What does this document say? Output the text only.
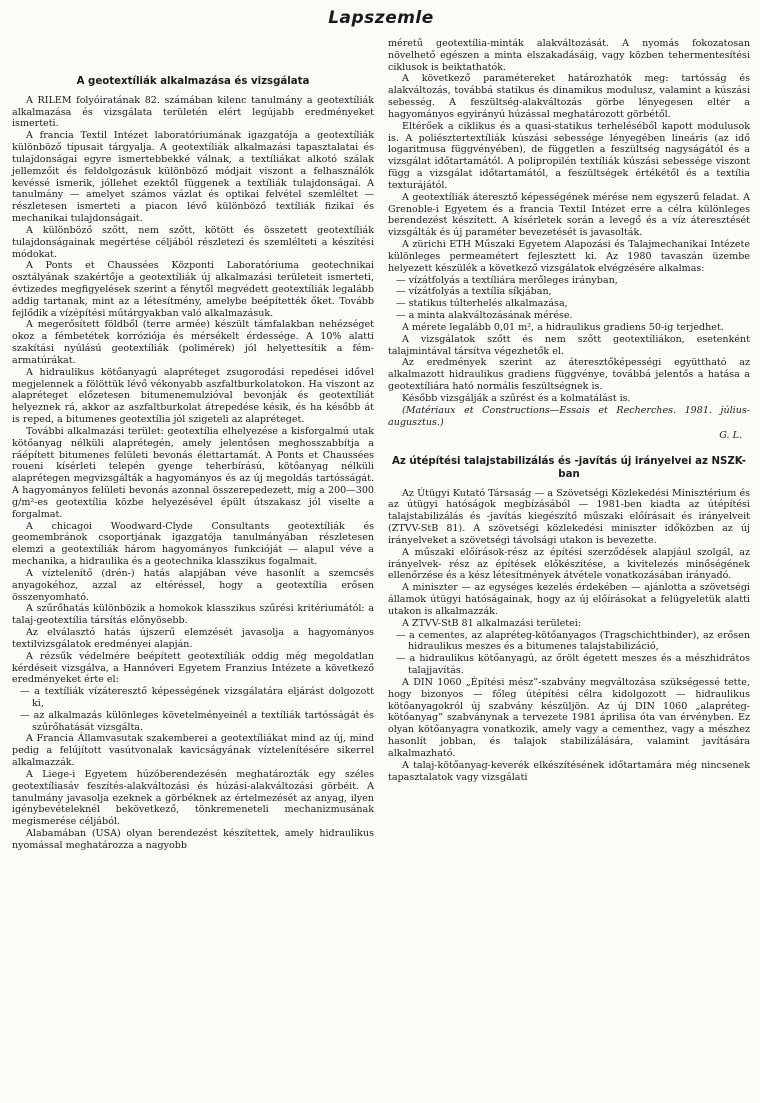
Lapszemle
A geotextíliák alkalmazása és vizsgálata

A RILEM folyóiratának 82. számában kilenc tanulmány a geotextíliák alkalmazása és vizsgálata területén elért legújabb eredményeket ismerteti.

A francia Textil Intézet laboratóriumának igazgatója a geotextíliák különböző típusait tárgyalja. A geotextíliák alkalmazási tapasztalatai és tulajdonságai egyre ismertebbekké válnak, a textíliákat alkotó szálak jellemzőit és feldolgozásuk különböző módjait viszont a felhasználók kevéssé ismerik, jóllehet ezektől függenek a textíliák tulajdonságai. A tanulmány — amelyet számos vázlat és optikai felvétel szemléltet — részletesen ismerteti a piacon lévő különböző textíliák fizikai és mechanikai tulajdonságait.

A különböző szőtt, nem szőtt, kötött és összetett geotextíliák tulajdonságainak megértése céljából részletezi és szemlélteti a készítési módokat.

A Ponts et Chaussées Központi Laboratóriuma geotechnikai osztályának szakértője a geotextíliák új alkalmazási területeit ismerteti, évtizedes megfigyelések szerint a fénytől megvédett geotextíliák legalább addig tartanak, mint az a létesítmény, amelybe beépítették őket. Tovább fejlődik a vízépítési műtárgyakban való alkalmazásuk.

A megerősített földből (terre armée) készült támfalakban nehézséget okoz a fémbetétek korróziója és mérsékelt érdessége. A 10% alatti szakítási nyúlású geotextíliák (polimérek) jól helyettesítik a fém-armatúrákat.

A hidraulikus kötőanyagú alapréteget zsugorodási repedései idővel megjelennek a fölöttük lévő vékonyabb aszfaltburkolatokon. Ha viszont az alapréteget előzetesen bitumenemulzióval bevonják és geotextíliát helyeznek rá, akkor az aszfaltburkolat átrepedése késik, és ha később át is reped, a bitumenes geotextília jól szigeteli az alapréteget.

További alkalmazási terület: geotextília elhelyezése a kisforgalmú utak kötőanyag nélküli alaprétegén, amely jelentősen meghosszabbítja a ráépített bitumenes felületi bevonás élettartamát. A Ponts et Chaussées roueni kísérleti telepén gyenge teherbírású, kötőanyag nélküli alaprétegen megvizsgálták a hagyományos és az új megoldás tartósságát. A hagyományos felületi bevonás azonnal összerepedezett, míg a 200—300 g/m²-es geotextília közbe helyezésével épült útszakasz jól viselte a forgalmat.

A chicagoi Woodward-Clyde Consultants geotextíliák és geomembránok csoportjának igazgatója tanulmányában részletesen elemzi a geotextíliák három hagyományos funkcióját — alapul véve a mechanika, a hidraulika és a geotechnika klasszikus fogalmait.

A víztelenítő (drén-) hatás alapjában véve hasonlít a szemcsés anyagokéhoz, azzal az eltéréssel, hogy a geotextília erősen összenyomható.

A szűrőhatás különbözik a homokok klasszikus szűrési kritériumától: a talaj-geotextília társítás előnyösebb.

Az elválasztó hatás újszerű elemzését javasolja a hagyományos textilvizsgálatok eredményei alapján.

A rézsűk védelmére beépített geotextíliák oddig még megoldatlan kérdéseit vizsgálva, a Hannóveri Egyetem Franzius Intézete a következő eredményeket érte el:

— a textíliák vízáteresztő képességének vizsgálatára eljárást dolgozott ki,
— az alkalmazás különleges követelményeinél a textíliák tartósságát és szűrőhatását vizsgálta.

A Francia Államvasutak szakemberei a geotextíliákat mind az új, mind pedig a felújított vasútvonalak kavicságyának víztelenítésére sikerrel alkalmazzák.

A Liege-i Egyetem húzóberendezésén meghatározták egy széles geotextíliasáv feszítés-alakváltozási és húzási-alakváltozási görbéit. A tanulmány javasolja ezeknek a görbéknek az értelmezését az anyag, ilyen igénybevételeknél bekövetkező, tönkremeneteli mechanizmusának megismerése céljából.

Alabamában (USA) olyan berendezést készítettek, amely hidraulikus nyomással meghatározza a nagyobb

méretű geotextília-minták alakváltozását. A nyomás fokozatosan növelhető egészen a minta elszakadásáig, vagy közben tehermentesítési ciklusok is beiktathatók.

A következő paramétereket határozhatók meg: tartósság és alakváltozás, továbbá statikus és dinamikus modulusz, valamint a kúszási sebesség. A feszültség-alakváltozás görbe lényegesen eltér a hagyományos egyirányú húzással meghatározott görbétől.

Eltérőek a ciklikus és a quasi-statikus terheléséből kapott modulusok is. A poliésztertextíliák kúszási sebessége lényegében lineáris (az idő logaritmusa függvényében), de független a feszültség nagyságától és a vizsgálat időtartamától. A polipropilén textíliák kúszási sebessége viszont függ a vizsgálat időtartamától, a feszültségek értékétől és a textília texturájától.

A geotextíliák áteresztő képességének mérése nem egyszerű feladat. A Grenoble-i Egyetem és a francia Textil Intézet erre a célra különleges berendezést készített. A kísérletek során a levegő és a víz áteresztését vizsgálták és új paraméter bevezetését is javasolták.

A zürichi ETH Műszaki Egyetem Alapozási és Talajmechanikai Intézete különleges permeamétert fejlesztett ki. Az 1980 tavaszán üzembe helyezett készülék a következő vizsgálatok elvégzésére alkalmas:

— vízátfolyás a textíliára merőleges irányban,
— vízátfolyás a textília síkjában,
— statikus túlterhelés alkalmazása,
— a minta alakváltozásának mérése.

A mérete legalább 0,01 m², a hidraulikus gradiens 50-ig terjedhet.

A vizsgálatok szőtt és nem szőtt geotextíliákon, esetenként talajmintával társítva végezhetők el.

Az eredmények szerint az áteresztőképességi együttható az alkalmazott hidraulikus gradiens függvénye, továbbá jelentős a hatása a geotextíliára ható normális feszültségnek is.

Később vizsgálják a szűrést és a kolmatálást is.

(Matériaux et Constructions—Essais et Recherches. 1981. július-augusztus.)

G. L.
Az útépítési talajstabilizálás és -javítás új irányelvei az NSZK-ban

Az Útügyi Kutató Társaság — a Szövetségi Közlekedési Minisztérium és az útügyi hatóságok megbízásából — 1981-ben kiadta az útépítési talajstabilizálás és -javítás kiegészítő műszaki előírásait és irányelveit (ZTVV-StB 81). A szövetségi közlekedési miniszter időközben az új irányelveket a szövetségi távolsági utakon is bevezette.

A műszaki előírások-rész az építési szerződések alapjául szolgál, az irányelvek- rész az építések előkészítése, a kivitelezés minőségének ellenőrzése és a kész létesítmények átvétele vonatkozásában irányadó.

A miniszter — az egységes kezelés érdekében — ajánlotta a szövetségi államok útügyi hatóságainak, hogy az új előírásokat a felügyeletük alatti utakon is alkalmazzák.

A ZTVV-StB 81 alkalmazási területei:

— a cementes, az alapréteg-kötőanyagos (Tragschichtbinder), az erősen hidraulikus meszes és a bitumenes talajstabilizáció,
— a hidraulikus kötőanyagú, az őrölt égetett meszes és a mészhidrátos talajjavítás.

A DIN 1060 „Építési mész”-szabvány megváltozása szükségessé tette, hogy bizonyos — főleg útépítési célra kidolgozott — hidraulikus kötőanyagokról új szabvány készüljön. Az új DIN 1060 „alapréteg-kötőanyag” szabványnak a tervezete 1981 áprilisa óta van érvényben. Ez olyan kötőanyagra vonatkozik, amely vagy a cementhez, vagy a mészhez hasonlít jobban, és talajok stabilizálására, valamint javítására alkalmazható.

A talaj-kötőanyag-keverék elkészítésének időtartamára még nincsenek tapasztalatok vagy vizsgálati
